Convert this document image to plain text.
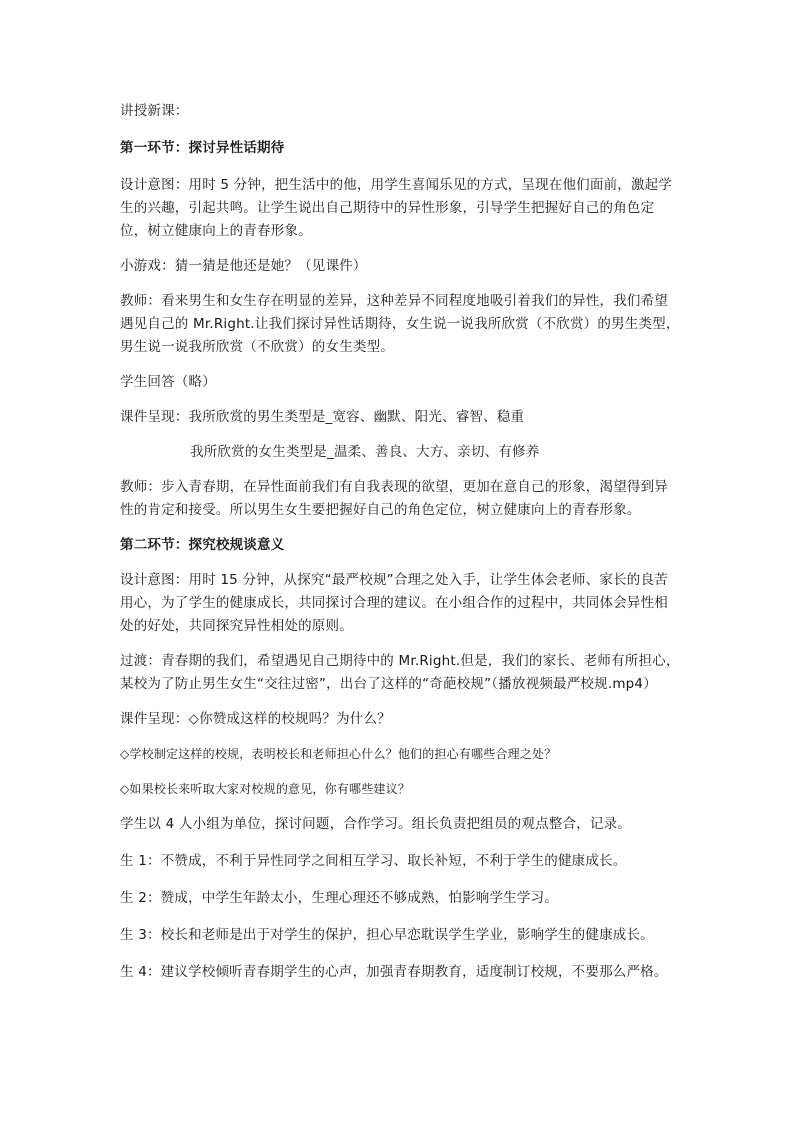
讲授新课：

第一环节：探讨异性话期待

设计意图：用时 5 分钟，把生活中的他，用学生喜闻乐见的方式，呈现在他们面前，激起学生的兴趣，引起共鸣。让学生说出自己期待中的异性形象，引导学生把握好自己的角色定位，树立健康向上的青春形象。

小游戏：猜一猜是他还是她？（见课件）

教师：看来男生和女生存在明显的差异，这种差异不同程度地吸引着我们的异性，我们希望遇见自己的 Mr.Right.让我们探讨异性话期待，女生说一说我所欣赏（不欣赏）的男生类型，男生说一说我所欣赏（不欣赏）的女生类型。

学生回答（略）

课件呈现：我所欣赏的男生类型是_宽容、幽默、阳光、睿智、稳重

我所欣赏的女生类型是_温柔、善良、大方、亲切、有修养

教师：步入青春期，在异性面前我们有自我表现的欲望，更加在意自己的形象，渴望得到异性的肯定和接受。所以男生女生要把握好自己的角色定位，树立健康向上的青春形象。

第二环节：探究校规谈意义

设计意图：用时 15 分钟，从探究“最严校规”合理之处入手，让学生体会老师、家长的良苦用心，为了学生的健康成长，共同探讨合理的建议。在小组合作的过程中，共同体会异性相处的好处，共同探究异性相处的原则。

过渡：青春期的我们，希望遇见自己期待中的 Mr.Right.但是，我们的家长、老师有所担心，某校为了防止男生女生“交往过密”，出台了这样的“奇葩校规”（播放视频最严校规.mp4）

课件呈现：◇你赞成这样的校规吗？为什么？

◇学校制定这样的校规，表明校长和老师担心什么？他们的担心有哪些合理之处？

◇如果校长来听取大家对校规的意见，你有哪些建议？

学生以 4 人小组为单位，探讨问题，合作学习。组长负责把组员的观点整合，记录。

生 1：不赞成，不利于异性同学之间相互学习、取长补短，不利于学生的健康成长。

生 2：赞成，中学生年龄太小，生理心理还不够成熟，怕影响学生学习。

生 3：校长和老师是出于对学生的保护，担心早恋耽误学生学业，影响学生的健康成长。

生 4：建议学校倾听青春期学生的心声，加强青春期教育，适度制订校规，不要那么严格。
